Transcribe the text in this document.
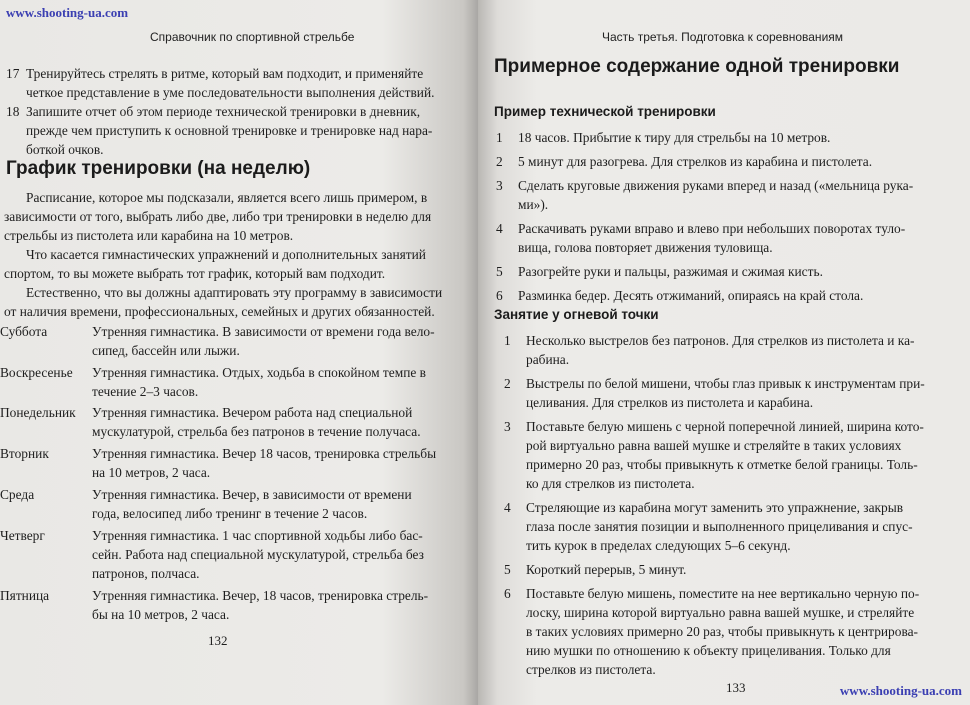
www.shooting-ua.com
Справочник по спортивной стрельбе
17 Тренируйтесь стрелять в ритме, который вам подходит, и применяйте
четкое представление в уме последовательности выполнения действий.
18 Запишите отчет об этом периоде технической тренировки в дневник,
прежде чем приступить к основной тренировке и тренировке над нара-
боткой очков.
График тренировки (на неделю)
Расписание, которое мы подсказали, является всего лишь примером, в
зависимости от того, выбрать либо две, либо три тренировки в неделю для
стрельбы из пистолета или карабина на 10 метров.
Что касается гимнастических упражнений и дополнительных занятий
спортом, то вы можете выбрать тот график, который вам подходит.
Естественно, что вы должны адаптировать эту программу в зависимости
от наличия времени, профессиональных, семейных и других обязанностей.
Суббота	Утренняя гимнастика. В зависимости от времени года вело-
сипед, бассейн или лыжи.
Воскресенье Утренняя гимнастика. Отдых, ходьба в спокойном темпе в
течение 2–3 часов.
Понедельник Утренняя гимнастика. Вечером работа над специальной
мускулатурой, стрельба без патронов в течение получаса.
Вторник	Утренняя гимнастика. Вечер 18 часов, тренировка стрельбы
на 10 метров, 2 часа.
Среда	Утренняя гимнастика. Вечер, в зависимости от времени
года, велосипед либо тренинг в течение 2 часов.
Четверг	Утренняя гимнастика. 1 час спортивной ходьбы либо бас-
сейн. Работа над специальной мускулатурой, стрельба без
патронов, полчаса.
Пятница	Утренняя гимнастика. Вечер, 18 часов, тренировка стрель-
бы на 10 метров, 2 часа.
132
Часть третья. Подготовка к соревнованиям
Примерное содержание одной тренировки
Пример технической тренировки
1 18 часов. Прибытие к тиру для стрельбы на 10 метров.
2 5 минут для разогрева. Для стрелков из карабина и пистолета.
3 Сделать круговые движения руками вперед и назад («мельница рука-
ми»).
4 Раскачивать руками вправо и влево при небольших поворотах туло-
вища, голова повторяет движения туловища.
5 Разогрейте руки и пальцы, разжимая и сжимая кисть.
6 Разминка бедер. Десять отжиманий, опираясь на край стола.
Занятие у огневой точки
1 Несколько выстрелов без патронов. Для стрелков из пистолета и ка-
рабина.
2 Выстрелы по белой мишени, чтобы глаз привык к инструментам при-
целивания. Для стрелков из пистолета и карабина.
3 Поставьте белую мишень с черной поперечной линией, ширина кото-
рой виртуально равна вашей мушке и стреляйте в таких условиях
примерно 20 раз, чтобы привыкнуть к отметке белой границы. Толь-
ко для стрелков из пистолета.
4 Стреляющие из карабина могут заменить это упражнение, закрыв
глаза после занятия позиции и выполненного прицеливания и спус-
тить курок в пределах следующих 5–6 секунд.
5 Короткий перерыв, 5 минут.
6 Поставьте белую мишень, поместите на нее вертикально черную по-
лоску, ширина которой виртуально равна вашей мушке, и стреляйте
в таких условиях примерно 20 раз, чтобы привыкнуть к центрирова-
нию мушки по отношению к объекту прицеливания. Только для
стрелков из пистолета.
133	www.shooting-ua.com
